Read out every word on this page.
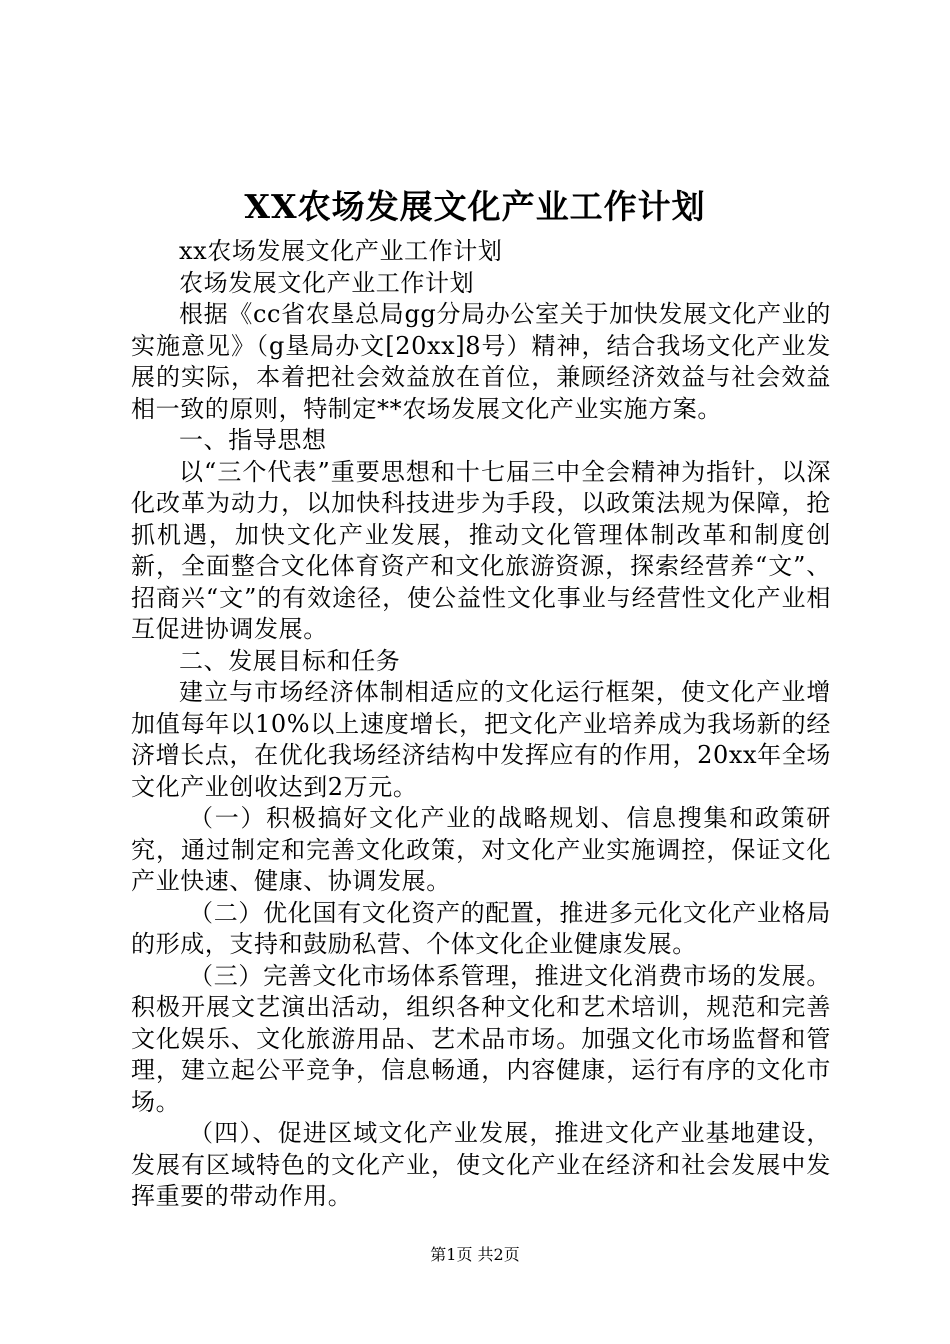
XX农场发展文化产业工作计划

xx农场发展文化产业工作计划

农场发展文化产业工作计划

根据《cc省农垦总局gg分局办公室关于加快发展文化产业的实施意见》（g垦局办文[20xx]8号）精神，结合我场文化产业发展的实际，本着把社会效益放在首位，兼顾经济效益与社会效益相一致的原则，特制定**农场发展文化产业实施方案。

一、指导思想

以“三个代表”重要思想和十七届三中全会精神为指针，以深化改革为动力，以加快科技进步为手段，以政策法规为保障，抢抓机遇，加快文化产业发展，推动文化管理体制改革和制度创新，全面整合文化体育资产和文化旅游资源，探索经营养“文”、招商兴“文”的有效途径，使公益性文化事业与经营性文化产业相互促进协调发展。

二、发展目标和任务

建立与市场经济体制相适应的文化运行框架，使文化产业增加值每年以10%以上速度增长，把文化产业培养成为我场新的经济增长点，在优化我场经济结构中发挥应有的作用，20xx年全场文化产业创收达到2万元。

（一）积极搞好文化产业的战略规划、信息搜集和政策研究，通过制定和完善文化政策，对文化产业实施调控，保证文化产业快速、健康、协调发展。

（二）优化国有文化资产的配置，推进多元化文化产业格局的形成，支持和鼓励私营、个体文化企业健康发展。

（三）完善文化市场体系管理，推进文化消费市场的发展。积极开展文艺演出活动，组织各种文化和艺术培训，规范和完善文化娱乐、文化旅游用品、艺术品市场。加强文化市场监督和管理，建立起公平竞争，信息畅通，内容健康，运行有序的文化市场。

（四）、促进区域文化产业发展，推进文化产业基地建设，发展有区域特色的文化产业，使文化产业在经济和社会发展中发挥重要的带动作用。

第1页 共2页
